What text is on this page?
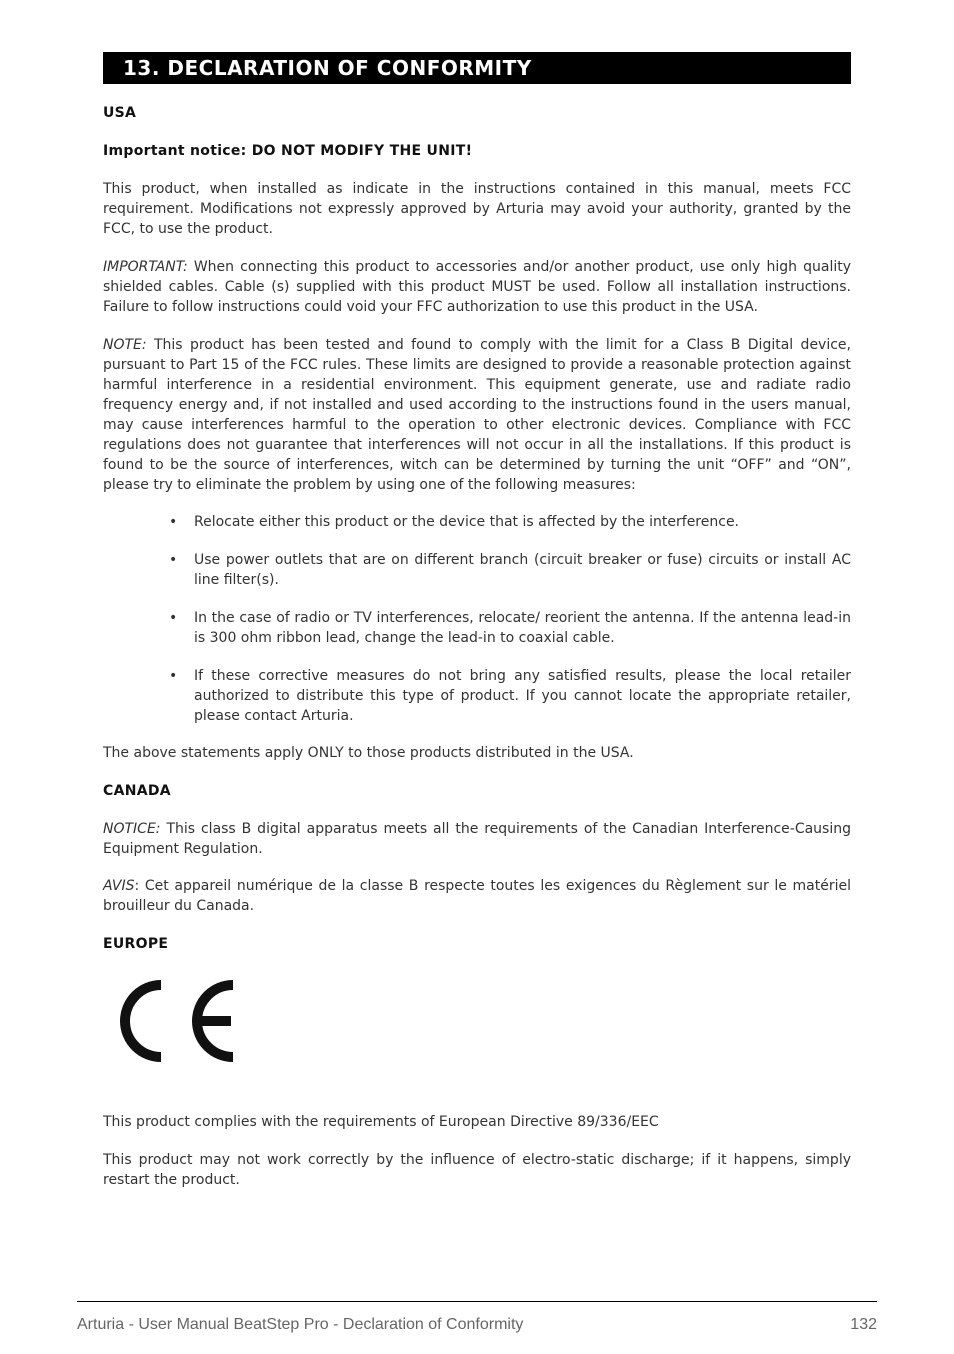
13. DECLARATION OF CONFORMITY

USA

Important notice: DO NOT MODIFY THE UNIT!

This product, when installed as indicate in the instructions contained in this manual, meets FCC requirement. Modifications not expressly approved by Arturia may avoid your authority, granted by the FCC, to use the product.

IMPORTANT: When connecting this product to accessories and/or another product, use only high quality shielded cables. Cable (s) supplied with this product MUST be used. Follow all installation instructions. Failure to follow instructions could void your FFC authorization to use this product in the USA.

NOTE: This product has been tested and found to comply with the limit for a Class B Digital device, pursuant to Part 15 of the FCC rules. These limits are designed to provide a reasonable protection against harmful interference in a residential environment. This equipment generate, use and radiate radio frequency energy and, if not installed and used according to the instructions found in the users manual, may cause interferences harmful to the operation to other electronic devices. Compliance with FCC regulations does not guarantee that interferences will not occur in all the installations. If this product is found to be the source of interferences, witch can be determined by turning the unit “OFF” and “ON”, please try to eliminate the problem by using one of the following measures:

• Relocate either this product or the device that is affected by the interference.
• Use power outlets that are on different branch (circuit breaker or fuse) circuits or install AC line filter(s).
• In the case of radio or TV interferences, relocate/ reorient the antenna. If the antenna lead-in is 300 ohm ribbon lead, change the lead-in to coaxial cable.
• If these corrective measures do not bring any satisfied results, please the local retailer authorized to distribute this type of product. If you cannot locate the appropriate retailer, please contact Arturia.

The above statements apply ONLY to those products distributed in the USA.

CANADA

NOTICE: This class B digital apparatus meets all the requirements of the Canadian Interference-Causing Equipment Regulation.

AVIS: Cet appareil numérique de la classe B respecte toutes les exigences du Règlement sur le matériel brouilleur du Canada.

EUROPE

This product complies with the requirements of European Directive 89/336/EEC

This product may not work correctly by the influence of electro-static discharge; if it happens, simply restart the product.

Arturia - User Manual BeatStep Pro - Declaration of Conformity	132
